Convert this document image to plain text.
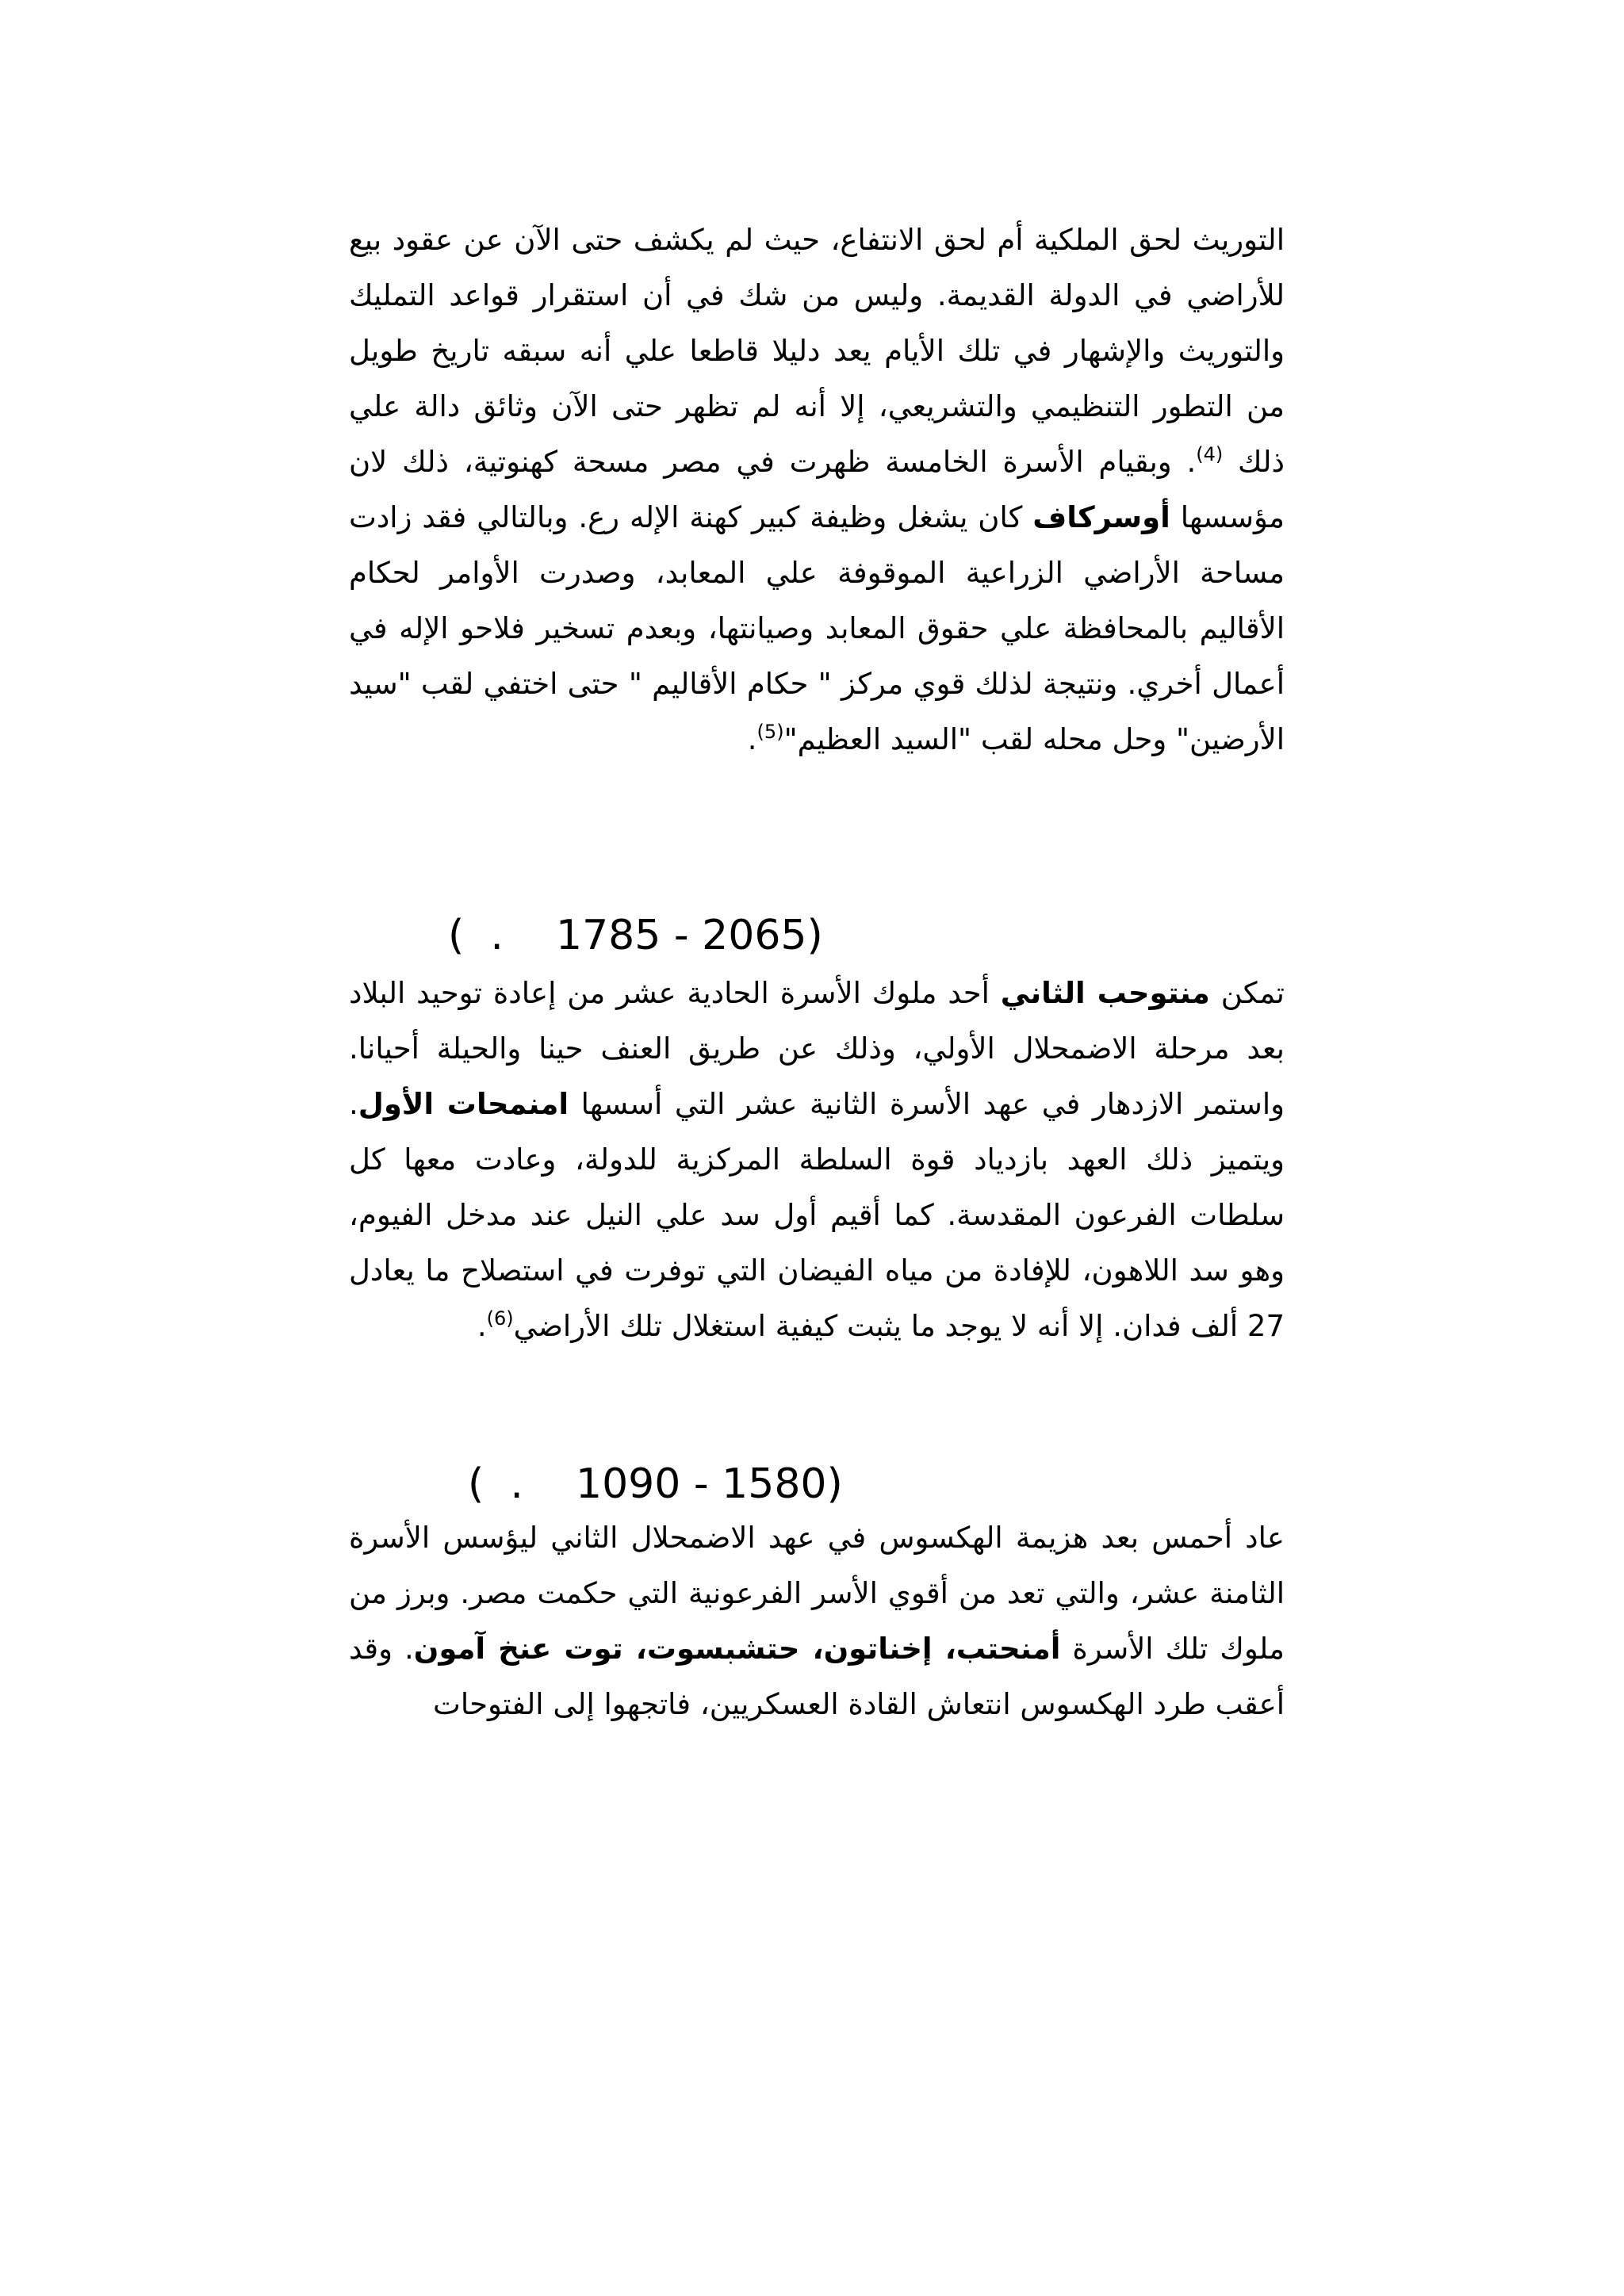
التوريث لحق الملكية أم لحق الانتفاع، حيث لم يكشف حتى الآن عن عقود بيع للأراضي في الدولة القديمة. وليس من شك في أن استقرار قواعد التمليك والتوريث والإشهار في تلك الأيام يعد دليلا قاطعا علي أنه سبقه تاريخ طويل من التطور التنظيمي والتشريعي، إلا أنه لم تظهر حتى الآن وثائق دالة علي ذلك $^{(4)}$. وبقيام الأسرة الخامسة ظهرت في مصر مسحة كهنوتية، ذلك لان مؤسسها أوسركاف كان يشغل وظيفة كبير كهنة الإله رع. وبالتالي فقد زادت مساحة الأراضي الزراعية الموقوفة علي المعابد، وصدرت الأوامر لحكام الأقاليم بالمحافظة علي حقوق المعابد وصيانتها، وبعدم تسخير فلاحو الإله في أعمال أخري. ونتيجة لذلك قوي مركز " حكام الأقاليم " حتى اختفي لقب "سيد الأرضين" وحل محله لقب "السيد العظيم"$^{(5)}$.

(  .    1785 - 2065)

تمكن منتوحب الثاني أحد ملوك الأسرة الحادية عشر من إعادة توحيد البلاد بعد مرحلة الاضمحلال الأولي، وذلك عن طريق العنف حينا والحيلة أحيانا. واستمر الازدهار في عهد الأسرة الثانية عشر التي أسسها امنمحات الأول. ويتميز ذلك العهد بازدياد قوة السلطة المركزية للدولة، وعادت معها كل سلطات الفرعون المقدسة. كما أقيم أول سد علي النيل عند مدخل الفيوم، وهو سد اللاهون، للإفادة من مياه الفيضان التي توفرت في استصلاح ما يعادل 27 ألف فدان. إلا أنه لا يوجد ما يثبت كيفية استغلال تلك الأراضي$^{(6)}$.

(  .    1090 - 1580)

عاد أحمس بعد هزيمة الهكسوس في عهد الاضمحلال الثاني ليؤسس الأسرة الثامنة عشر، والتي تعد من أقوي الأسر الفرعونية التي حكمت مصر. وبرز من ملوك تلك الأسرة أمنحتب، إخناتون، حتشبسوت، توت عنخ آمون. وقد أعقب طرد الهكسوس انتعاش القادة العسكريين، فاتجهوا إلى الفتوحات
